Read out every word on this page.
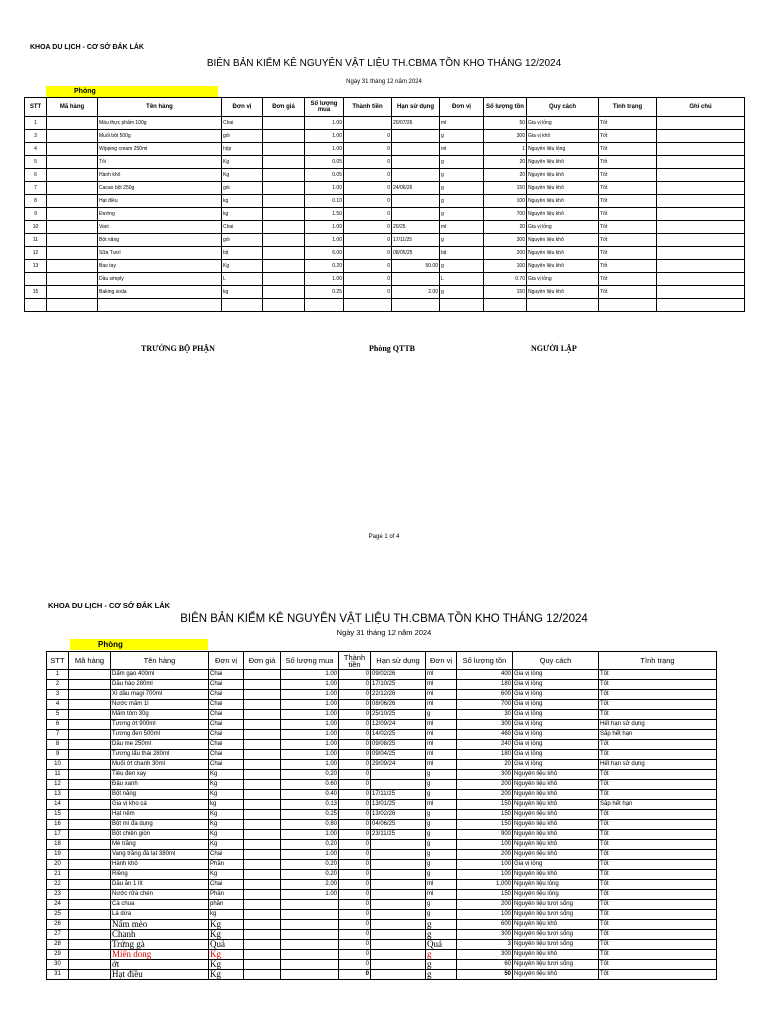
KHOA DU LỊCH - CƠ SỞ ĐẮK LẮK
BIÊN BẢN KIỂM KÊ NGUYÊN VẬT LIỆU TH.CBMA TỒN KHO THÁNG 12/2024
Ngày 31 tháng 12 năm 2024
Phòng
STT	Mã hàng	Tên hàng	Đơn vị	Đơn giá	Số lượng mua	Thành tiền	Hạn sử dụng	Đơn vị	Số lượng tồn	Quy cách	Tình trạng	Ghi chú
1		Màu thực phẩm 100g	Chai		1.00		20/07/26	ml	50	Gia vị lỏng	Tốt	
3		Muối bột 500g	gói		1.00	0		g	300	Gia vị khô	Tốt	
4		Wipping cream 250ml	hộp		1.00	0		ml	1	Nguyên liệu lỏng	Tốt	
5		Tỏi	Kg		0.05	0		g	20	Nguyên liệu khô	Tốt	
6		Hành khô	Kg		0.05	0		g	20	Nguyên liệu khô	Tốt	
7		Cacao bột 250g	gói		1.00	0	24/06/26	g	150	Nguyên liệu khô	Tốt	
8		Hạt điều	kg		0.10	0		g	100	Nguyên liệu khô	Tốt	
9		Đường	kg		1.50	0		g	700	Nguyên liệu khô	Tốt	
10		Vani	Chai		1.00	0	20/25	ml	20	Gia vị lỏng	Tốt	
11		Bột năng	gói		1.00	0	17/11/25	g	300	Nguyên liệu khô	Tốt	
12		Sữa Tươi	bịt		6.00	0	08/05/25	bịt	200	Nguyên liệu khô	Tốt	
13		Bao tay	Kg		0.20	0	50.00	g	100	Nguyên liệu khô	Tốt	
		Dầu simply	L		1.00	0		L	0.70	Gia vị lỏng	Tốt	
15		Baking soda	kg		0.25	0	2.00	g	150	Nguyên liệu khô	Tốt	

TRƯỞNG BỘ PHẬN	Phòng QTTB	NGƯỜI LẬP
Page 1 of 4
KHOA DU LỊCH - CƠ SỞ ĐẮK LẮK
BIÊN BẢN KIỂM KÊ NGUYÊN VẬT LIỆU TH.CBMA TỒN KHO THÁNG 12/2024
Ngày 31 tháng 12 năm 2024
Phòng
STT	Mã hàng	Tên hàng	Đơn vị	Đơn giá	Số lượng mua	Thành tiền	Hạn sử dụng	Đơn vị	Số lượng tồn	Quy cách	Tình trạng
1		Dấm gạo 400ml	Chai		1.00	0	09/02/26	ml	400	Gia vị lỏng	Tốt
2		Dầu hào 280ml	Chai		1.00	0	17/10/25	ml	180	Gia vị lỏng	Tốt
3		Xì dầu magi 700ml	Chai		1.00	0	22/12/26	ml	600	Gia vị lỏng	Tốt
4		Nước mắm 1l	Chai		1.00	0	08/06/26	ml	700	Gia vị lỏng	Tốt
5		Mắm tôm 30g	Chai		1.00	0	25/10/25	g	30	Gia vị lỏng	Tốt
6		Tương ớt 900ml	Chai		1.00	0	12/09/24	ml	300	Gia vị lỏng	Hết hạn sử dụng
7		Tương đen 500ml	Chai		1.00	0	14/02/25	ml	460	Gia vị lỏng	Sắp hết hạn
8		Dầu me 250ml	Chai		1.00	0	09/08/25	ml	240	Gia vị lỏng	Tốt
9		Tương lẩu thái 280ml	Chai		1.00	0	09/04/25	ml	180	Gia vị lỏng	Tốt
10		Muối ớt chanh 30ml	Chai		1.00	0	29/09/24	ml	20	Gia vị lỏng	Hết hạn sử dụng
11		Tiêu đen xay	Kg		0.20	0		g	300	Nguyên liệu khô	Tốt
12		Đậu xanh	Kg		0.60	0		g	200	Nguyên liệu khô	Tốt
13		Bột năng	Kg		0.40	0	17/11/25	g	200	Nguyên liệu khô	Tốt
14		Gia vị kho cá	kg		0.13	0	13/01/25	ml	150	Nguyên liệu khô	Sắp hết hạn
15		Hạt nêm	Kg		0.25	0	13/02/26	g	150	Nguyên liệu khô	Tốt
16		Bột mì đa dụng	Kg		0.80	0	04/06/25	g	150	Nguyên liệu khô	Tốt
17		Bột chiên giòn	Kg		1.00	0	23/11/25	g	900	Nguyên liệu khô	Tốt
18		Mè trắng	Kg		0.20	0		g	100	Nguyên liệu khô	Tốt
19		Vang trắng đà lạt 380ml	Chai		1.00	0		g	200	Nguyên liệu khô	Tốt
20		Hành khô	Phần		0.20	0		g	100	Gia vị lỏng	Tốt
21		Riềng	Kg		0.20	0		g	100	Nguyên liệu khô	Tốt
22		Dầu ăn 1 lít	Chai		2.00	0		ml	1,000	Nguyên liệu lỏng	Tốt
23		Nước rửa chén	Phần		1.00	0		ml	150	Nguyên liệu lỏng	Tốt
24		Cà chua	phần			0		g	200	Nguyên liệu tươi sống	Tốt
25		Lá dứa	kg			0		g	100	Nguyên liệu tươi sống	Tốt
26		Nấm mèo	Kg			0		g	600	Nguyên liệu khô	Tốt
27		Chanh	Kg			0		g	300	Nguyên liệu tươi sống	Tốt
28		Trứng gà	Quả			0		Quả	3	Nguyên liệu tươi sống	Tốt
29		Miến dong	Kg			0		g	300	Nguyên liệu khô	Tốt
30		ớt	Kg			0		g	60	Nguyên liệu tươi sống	Tốt
31		Hạt điều	Kg			0		g	50	Nguyên liệu khô	Tốt
